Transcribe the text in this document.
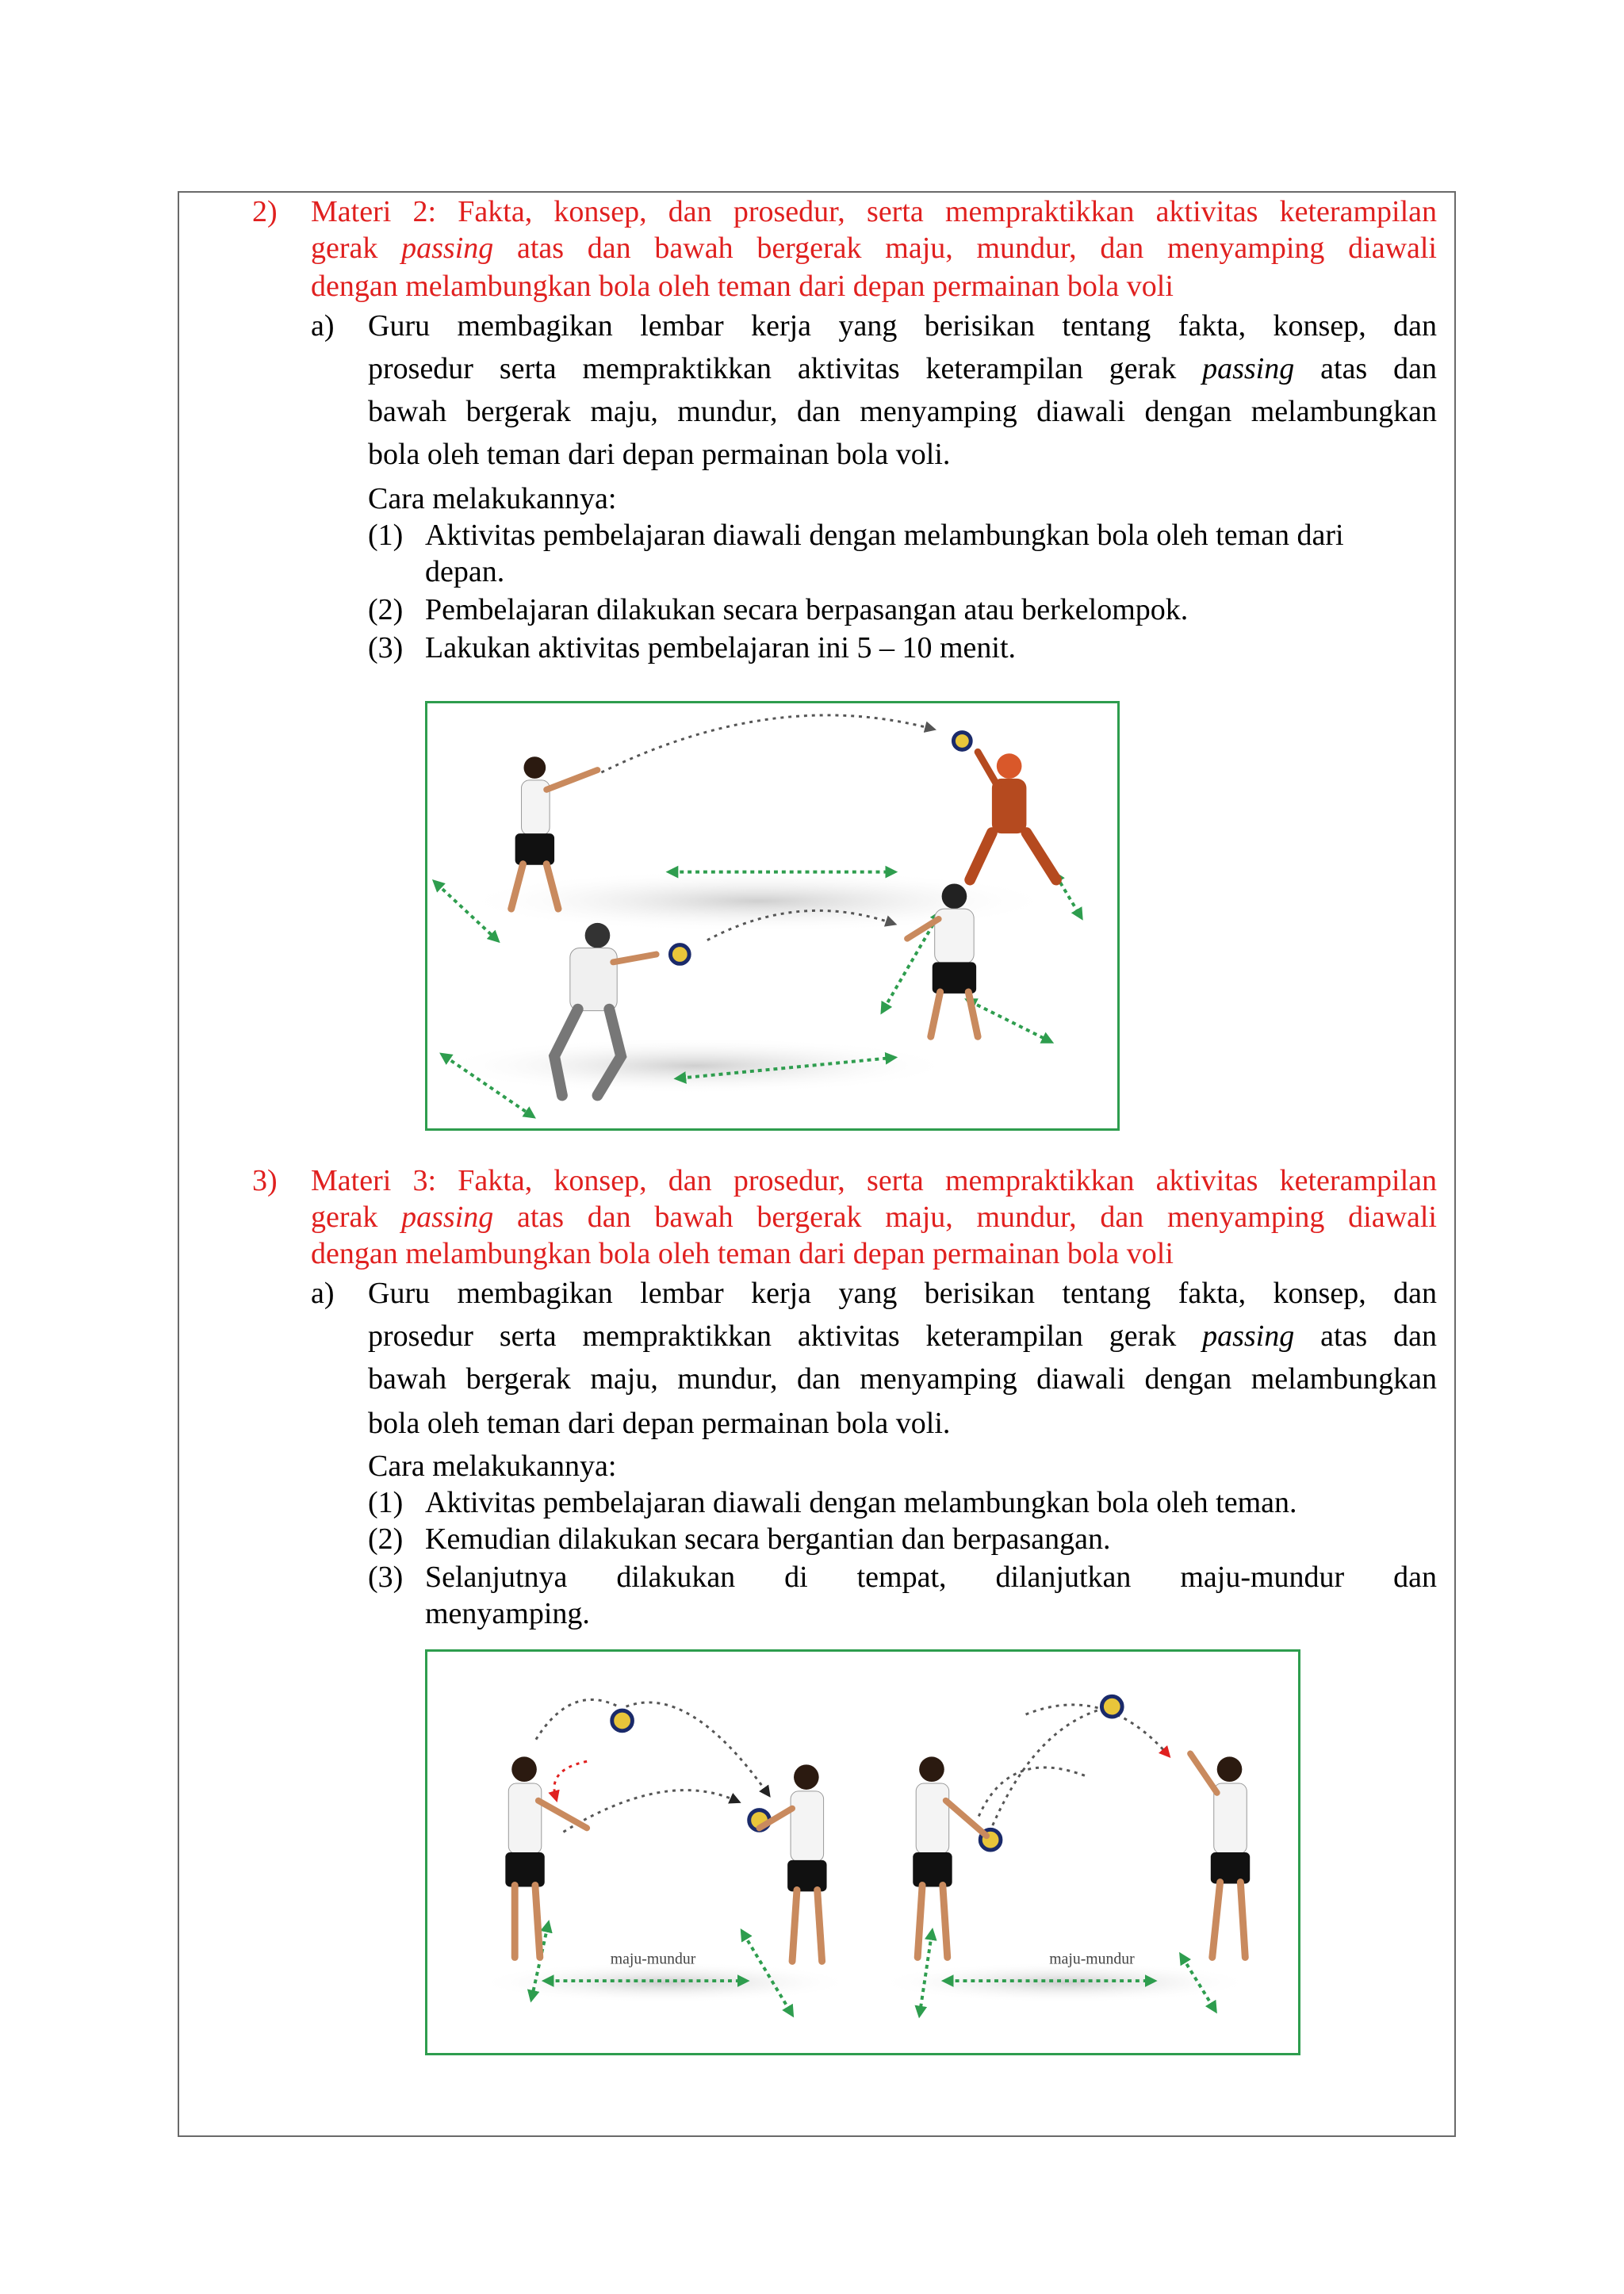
2) Materi 2: Fakta, konsep, dan prosedur, serta mempraktikkan aktivitas keterampilan
gerak passing atas dan bawah bergerak maju, mundur, dan menyamping diawali
dengan melambungkan bola oleh teman dari depan permainan bola voli
a) Guru membagikan lembar kerja yang berisikan tentang fakta, konsep, dan
prosedur serta mempraktikkan aktivitas keterampilan gerak passing atas dan
bawah bergerak maju, mundur, dan menyamping diawali dengan melambungkan
bola oleh teman dari depan permainan bola voli.
Cara melakukannya:
(1) Aktivitas pembelajaran diawali dengan melambungkan bola oleh teman dari
depan.
(2) Pembelajaran dilakukan secara berpasangan atau berkelompok.
(3) Lakukan aktivitas pembelajaran ini 5 – 10 menit.
3) Materi 3: Fakta, konsep, dan prosedur, serta mempraktikkan aktivitas keterampilan
gerak passing atas dan bawah bergerak maju, mundur, dan menyamping diawali
dengan melambungkan bola oleh teman dari depan permainan bola voli
a) Guru membagikan lembar kerja yang berisikan tentang fakta, konsep, dan
prosedur serta mempraktikkan aktivitas keterampilan gerak passing atas dan
bawah bergerak maju, mundur, dan menyamping diawali dengan melambungkan
bola oleh teman dari depan permainan bola voli.
Cara melakukannya:
(1) Aktivitas pembelajaran diawali dengan melambungkan bola oleh teman.
(2) Kemudian dilakukan secara bergantian dan berpasangan.
(3) Selanjutnya dilakukan di tempat, dilanjutkan maju-mundur dan
menyamping.
maju-mundur	maju-mundur
